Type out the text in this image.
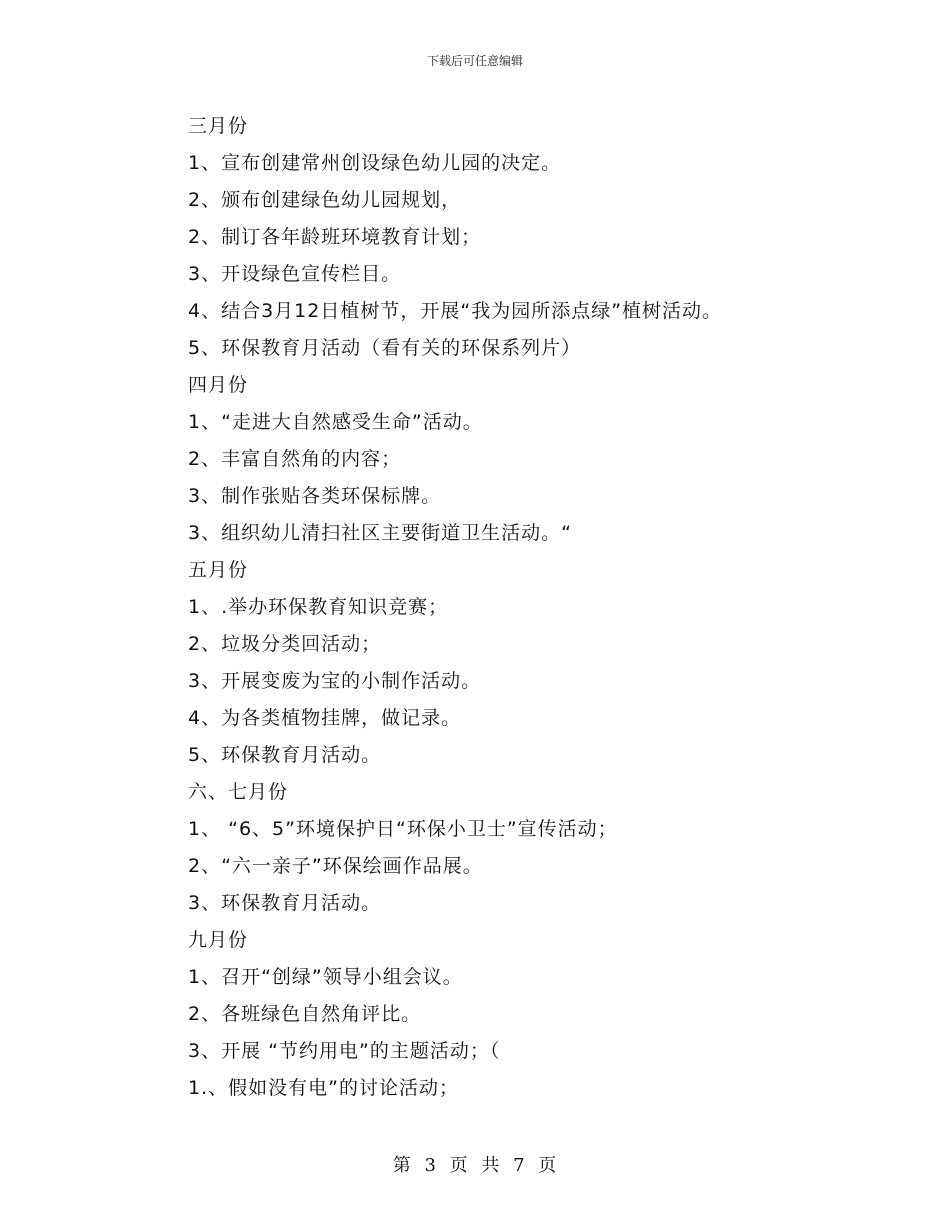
下载后可任意编辑
三月份
1、宣布创建常州创设绿色幼儿园的决定。
2、颁布创建绿色幼儿园规划，
2、制订各年龄班环境教育计划；
3、开设绿色宣传栏目。
4、结合3月12日植树节，开展“我为园所添点绿”植树活动。
5、环保教育月活动（看有关的环保系列片）
四月份
1、“走进大自然感受生命”活动。
2、丰富自然角的内容；
3、制作张贴各类环保标牌。
3、组织幼儿清扫社区主要街道卫生活动。“
五月份
1、.举办环保教育知识竞赛；
2、垃圾分类回活动；
3、开展变废为宝的小制作活动。
4、为各类植物挂牌，做记录。
5、环保教育月活动。
六、七月份
1、 “6、5”环境保护日“环保小卫士”宣传活动；
2、“六一亲子”环保绘画作品展。
3、环保教育月活动。
九月份
1、召开“创绿”领导小组会议。
2、各班绿色自然角评比。
3、开展 “节约用电”的主题活动；（
1.、假如没有电”的讨论活动；
第 3 页 共 7 页
